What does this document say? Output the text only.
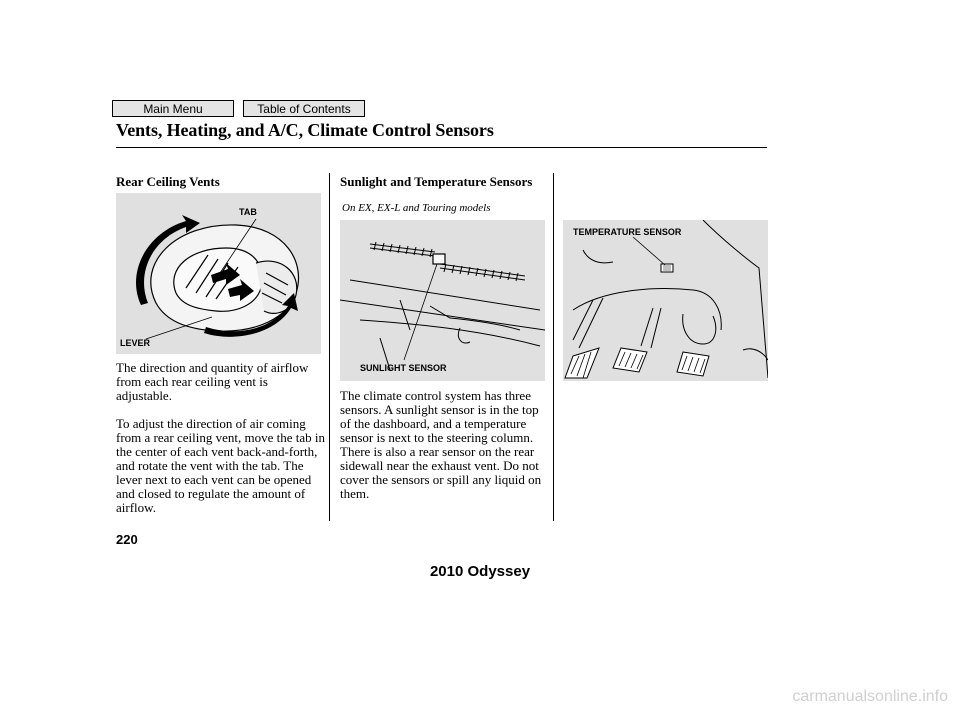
Main Menu	Table of Contents
Vents, Heating, and A/C, Climate Control Sensors
Rear Ceiling Vents	Sunlight and Temperature Sensors
On EX, EX-L and Touring models
TAB
LEVER
SUNLIGHT SENSOR
TEMPERATURE SENSOR

The direction and quantity of airflow from each rear ceiling vent is adjustable.

To adjust the direction of air coming from a rear ceiling vent, move the tab in the center of each vent back-and-forth, and rotate the vent with the tab. The lever next to each vent can be opened and closed to regulate the amount of airflow.

The climate control system has three sensors. A sunlight sensor is in the top of the dashboard, and a temperature sensor is next to the steering column. There is also a rear sensor on the rear sidewall near the exhaust vent. Do not cover the sensors or spill any liquid on them.

220
2010 Odyssey
carmanualsonline.info
